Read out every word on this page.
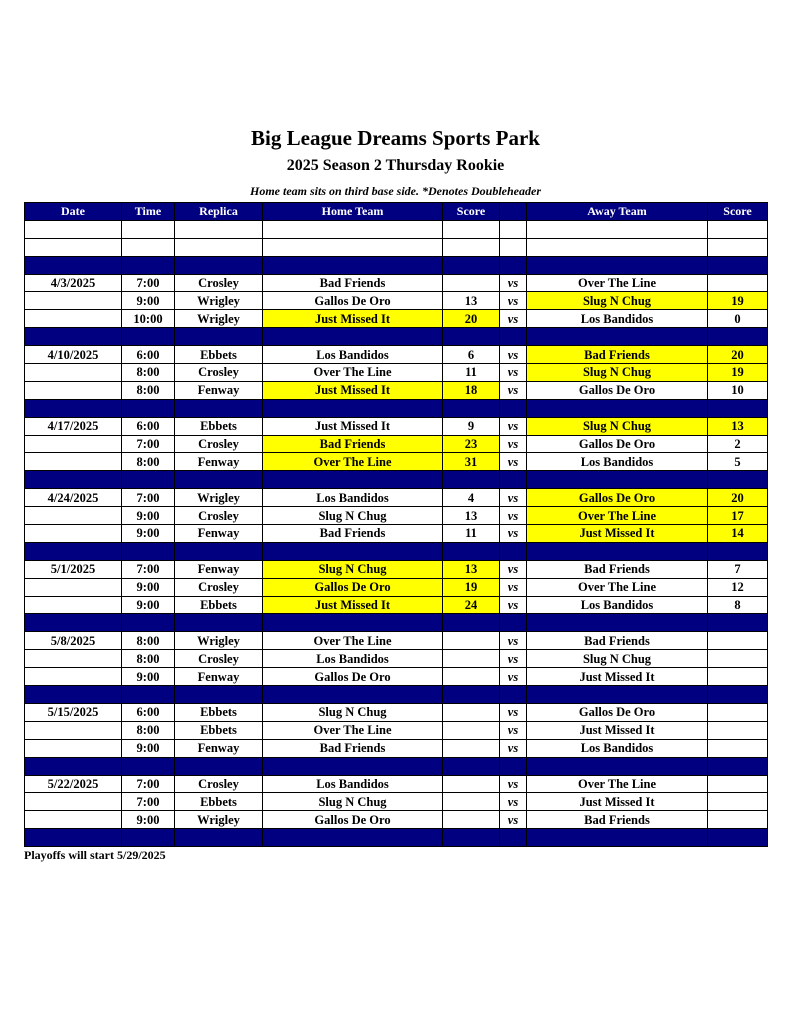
Big League Dreams Sports Park
2025 Season 2 Thursday Rookie
Home team sits on third base side. *Denotes Doubleheader
Date	Time	Replica	Home Team	Score		Away Team	Score

4/3/2025	7:00	Crosley	Bad Friends		vs	Over The Line	
	9:00	Wrigley	Gallos De Oro	13	vs	Slug N Chug	19
	10:00	Wrigley	Just Missed It	20	vs	Los Bandidos	0

4/10/2025	6:00	Ebbets	Los Bandidos	6	vs	Bad Friends	20
	8:00	Crosley	Over The Line	11	vs	Slug N Chug	19
	8:00	Fenway	Just Missed It	18	vs	Gallos De Oro	10

4/17/2025	6:00	Ebbets	Just Missed It	9	vs	Slug N Chug	13
	7:00	Crosley	Bad Friends	23	vs	Gallos De Oro	2
	8:00	Fenway	Over The Line	31	vs	Los Bandidos	5

4/24/2025	7:00	Wrigley	Los Bandidos	4	vs	Gallos De Oro	20
	9:00	Crosley	Slug N Chug	13	vs	Over The Line	17
	9:00	Fenway	Bad Friends	11	vs	Just Missed It	14

5/1/2025	7:00	Fenway	Slug N Chug	13	vs	Bad Friends	7
	9:00	Crosley	Gallos De Oro	19	vs	Over The Line	12
	9:00	Ebbets	Just Missed It	24	vs	Los Bandidos	8

5/8/2025	8:00	Wrigley	Over The Line		vs	Bad Friends	
	8:00	Crosley	Los Bandidos		vs	Slug N Chug	
	9:00	Fenway	Gallos De Oro		vs	Just Missed It	

5/15/2025	6:00	Ebbets	Slug N Chug		vs	Gallos De Oro	
	8:00	Ebbets	Over The Line		vs	Just Missed It	
	9:00	Fenway	Bad Friends		vs	Los Bandidos	

5/22/2025	7:00	Crosley	Los Bandidos		vs	Over The Line	
	7:00	Ebbets	Slug N Chug		vs	Just Missed It	
	9:00	Wrigley	Gallos De Oro		vs	Bad Friends	

Playoffs will start 5/29/2025
